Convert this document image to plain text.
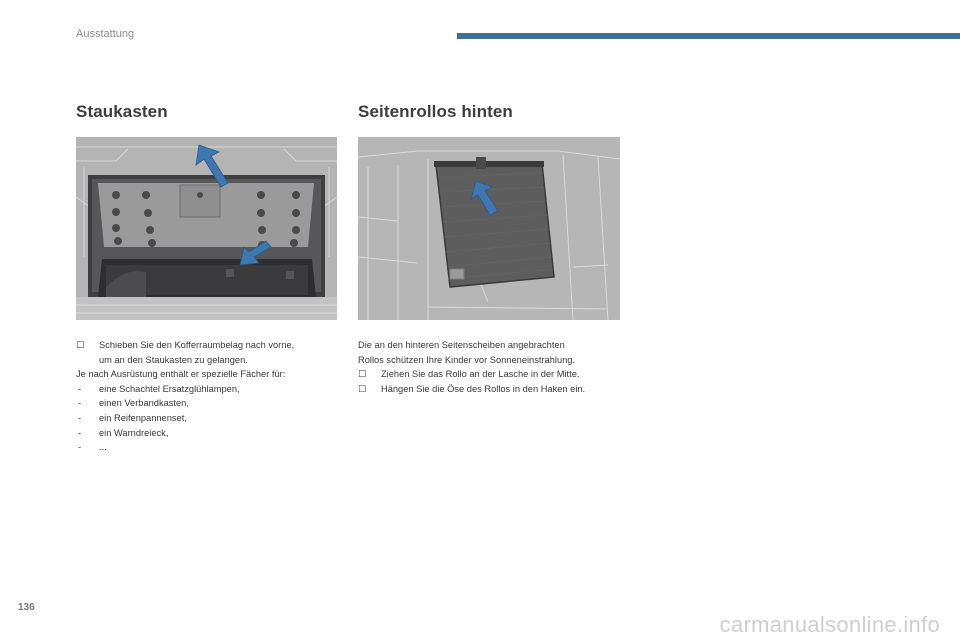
Ausstattung
Staukasten
☐	Schieben Sie den Kofferraumbelag nach vorne,
um an den Staukasten zu gelangen.
Je nach Ausrüstung enthält er spezielle Fächer für:
-	eine Schachtel Ersatzglühlampen,
-	einen Verbandkasten,
-	ein Reifenpannenset,
-	ein Warndreieck,
-	...
Seitenrollos hinten
Die an den hinteren Seitenscheiben angebrachten
Rollos schützen Ihre Kinder vor Sonneneinstrahlung.
☐	Ziehen Sie das Rollo an der Lasche in der Mitte.
☐	Hängen Sie die Öse des Rollos in den Haken ein.
136
carmanualsonline.info
